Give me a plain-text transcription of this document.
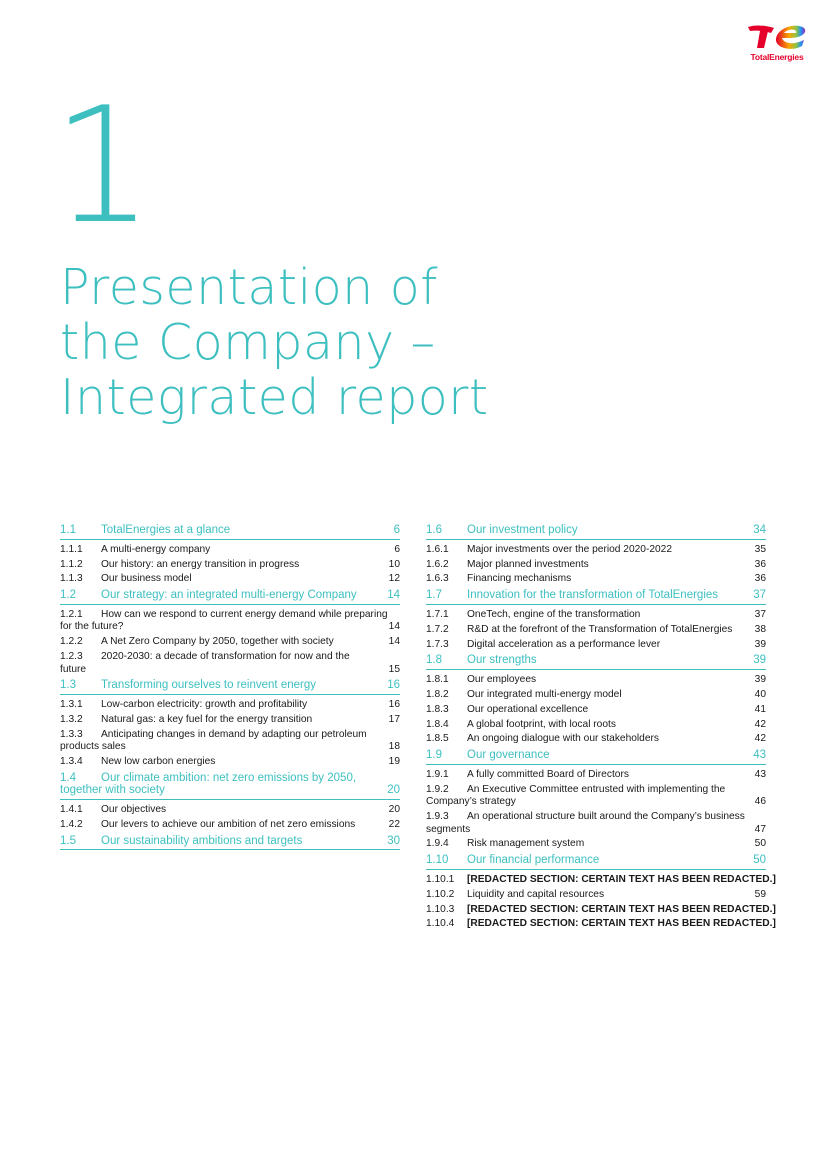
TotalEnergies
1
Presentation of
the Company –
Integrated report
1.1	TotalEnergies at a glance	6
1.1.1	A multi-energy company	6
1.1.2	Our history: an energy transition in progress	10
1.1.3	Our business model	12
1.2	Our strategy: an integrated multi-energy Company	14
1.2.1	How can we respond to current energy demand while preparing for the future?	14
1.2.2	A Net Zero Company by 2050, together with society	14
1.2.3	2020-2030: a decade of transformation for now and the future	15
1.3	Transforming ourselves to reinvent energy	16
1.3.1	Low-carbon electricity: growth and profitability	16
1.3.2	Natural gas: a key fuel for the energy transition	17
1.3.3	Anticipating changes in demand by adapting our petroleum products sales	18
1.3.4	New low carbon energies	19
1.4	Our climate ambition: net zero emissions by 2050, together with society	20
1.4.1	Our objectives	20
1.4.2	Our levers to achieve our ambition of net zero emissions	22
1.5	Our sustainability ambitions and targets	30
1.6	Our investment policy	34
1.6.1	Major investments over the period 2020-2022	35
1.6.2	Major planned investments	36
1.6.3	Financing mechanisms	36
1.7	Innovation for the transformation of TotalEnergies	37
1.7.1	OneTech, engine of the transformation	37
1.7.2	R&D at the forefront of the Transformation of TotalEnergies 38
1.7.3	Digital acceleration as a performance lever	39
1.8	Our strengths	39
1.8.1	Our employees	39
1.8.2	Our integrated multi-energy model	40
1.8.3	Our operational excellence	41
1.8.4	A global footprint, with local roots	42
1.8.5	An ongoing dialogue with our stakeholders	42
1.9	Our governance	43
1.9.1	A fully committed Board of Directors	43
1.9.2	An Executive Committee entrusted with implementing the Company’s strategy	46
1.9.3	An operational structure built around the Company’s business segments	47
1.9.4	Risk management system	50
1.10	Our financial performance	50
1.10.1	[REDACTED SECTION: CERTAIN TEXT HAS BEEN REDACTED.]
1.10.2	Liquidity and capital resources	59
1.10.3	[REDACTED SECTION: CERTAIN TEXT HAS BEEN REDACTED.]
1.10.4	[REDACTED SECTION: CERTAIN TEXT HAS BEEN REDACTED.]
